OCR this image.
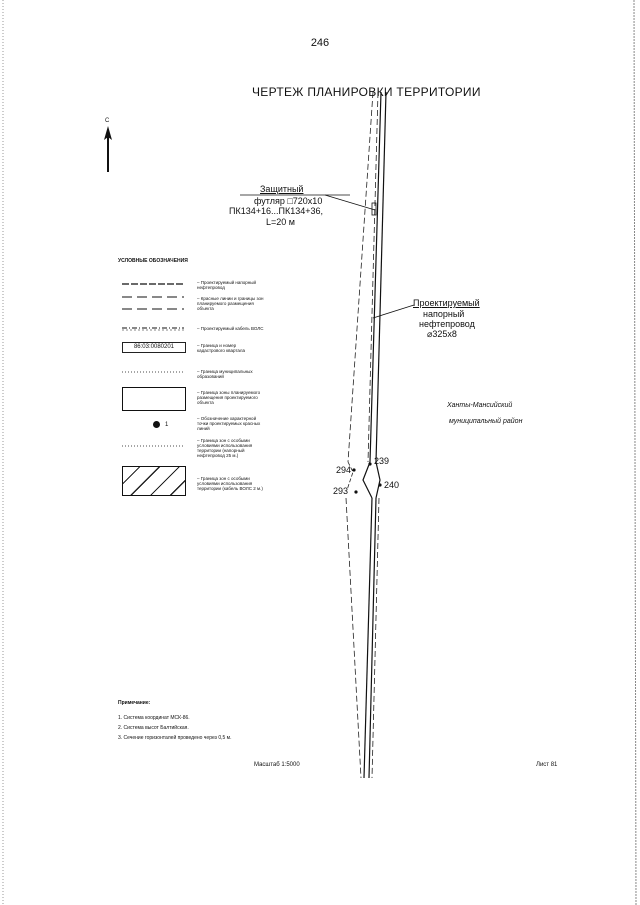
246
ЧЕРТЕЖ ПЛАНИРОВКИ ТЕРРИТОРИИ
С
УСЛОВНЫЕ ОБОЗНАЧЕНИЯ
– Проектируемый напорный
нефтепровод
– Красные линии и границы зон
планируемого размещения
объекта
– Проектируемый кабель ВОЛС
86:03:0080201	– Граница и номер
кадастрового квартала
– Граница муниципальных
образований
– Граница зоны планируемого
размещения проектируемого
объекта
1
– Обозначение характерной
точки проектируемых красных
линий
– Граница зон с особыми
условиями использования
территории (напорный
нефтепровод 25 м.)
– Граница зон с особыми
условиями использования
территории (кабель ВОЛС 2 м.)
Защитный
футляр □720х10
ПК134+16...ПК134+36,
L=20 м
Проектируемый
напорный
нефтепровод
⌀325х8
Ханты-Мансийский
муниципальный район
294
239
293
240
Примечание:
1. Система координат МСК-86.
2. Система высот Балтийская.
3. Сечение горизонталей проведено через 0,5 м.
Масштаб 1:5000	Лист 81
